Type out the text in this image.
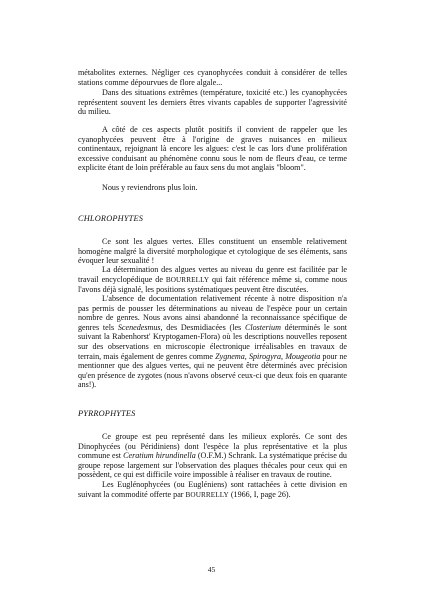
métabolites externes. Négliger ces cyanophycées conduit à considérer de telles stations comme dépourvues de flore algale...

Dans des situations extrêmes (température, toxicité etc.) les cyanophycées représentent souvent les derniers êtres vivants capables de supporter l'agressivité du milieu.

A côté de ces aspects plutôt positifs il convient de rappeler que les cyanophycées peuvent être à l'origine de graves nuisances en milieux continentaux, rejoignant là encore les algues: c'est le cas lors d'une prolifération excessive conduisant au phénomène connu sous le nom de fleurs d'eau, ce terme explicite étant de loin préférable au faux sens du mot anglais "bloom".

Nous y reviendrons plus loin.

CHLOROPHYTES

Ce sont les algues vertes. Elles constituent un ensemble relativement homogène malgré la diversité morphologique et cytologique de ses éléments, sans évoquer leur sexualité !

La détermination des algues vertes au niveau du genre est facilitée par le travail encyclopédique de BOURRELLY qui fait référence même si, comme nous l'avons déjà signalé, les positions systématiques peuvent être discutées.

L'absence de documentation relativement récente à notre disposition n'a pas permis de pousser les déterminations au niveau de l'espèce pour un certain nombre de genres. Nous avons ainsi abandonné la reconnaissance spécifique de genres tels Scenedesmus, des Desmidiacées (les Closterium déterminés le sont suivant la Rabenhorst' Kryptogamen-Flora) où les descriptions nouvelles reposent sur des observations en microscopie électronique irréalisables en travaux de terrain, mais également de genres comme Zygnema, Spirogyra, Mougeotia pour ne mentionner que des algues vertes, qui ne peuvent être déterminés avec précision qu'en présence de zygotes (nous n'avons observé ceux-ci que deux fois en quarante ans!).

PYRROPHYTES

Ce groupe est peu représenté dans les milieux explorés. Ce sont des Dinophycées (ou Péridiniens) dont l'espèce la plus représentative et la plus commune est Ceratium hirundinella (O.F.M.) Schrank. La systématique précise du groupe repose largement sur l'observation des plaques thécales pour ceux qui en possèdent, ce qui est difficile voire impossible à réaliser en travaux de routine.

Les Euglénophycées (ou Eugléniens) sont rattachées à cette division en suivant la commodité offerte par BOURRELLY (1966, I, page 26).

45
